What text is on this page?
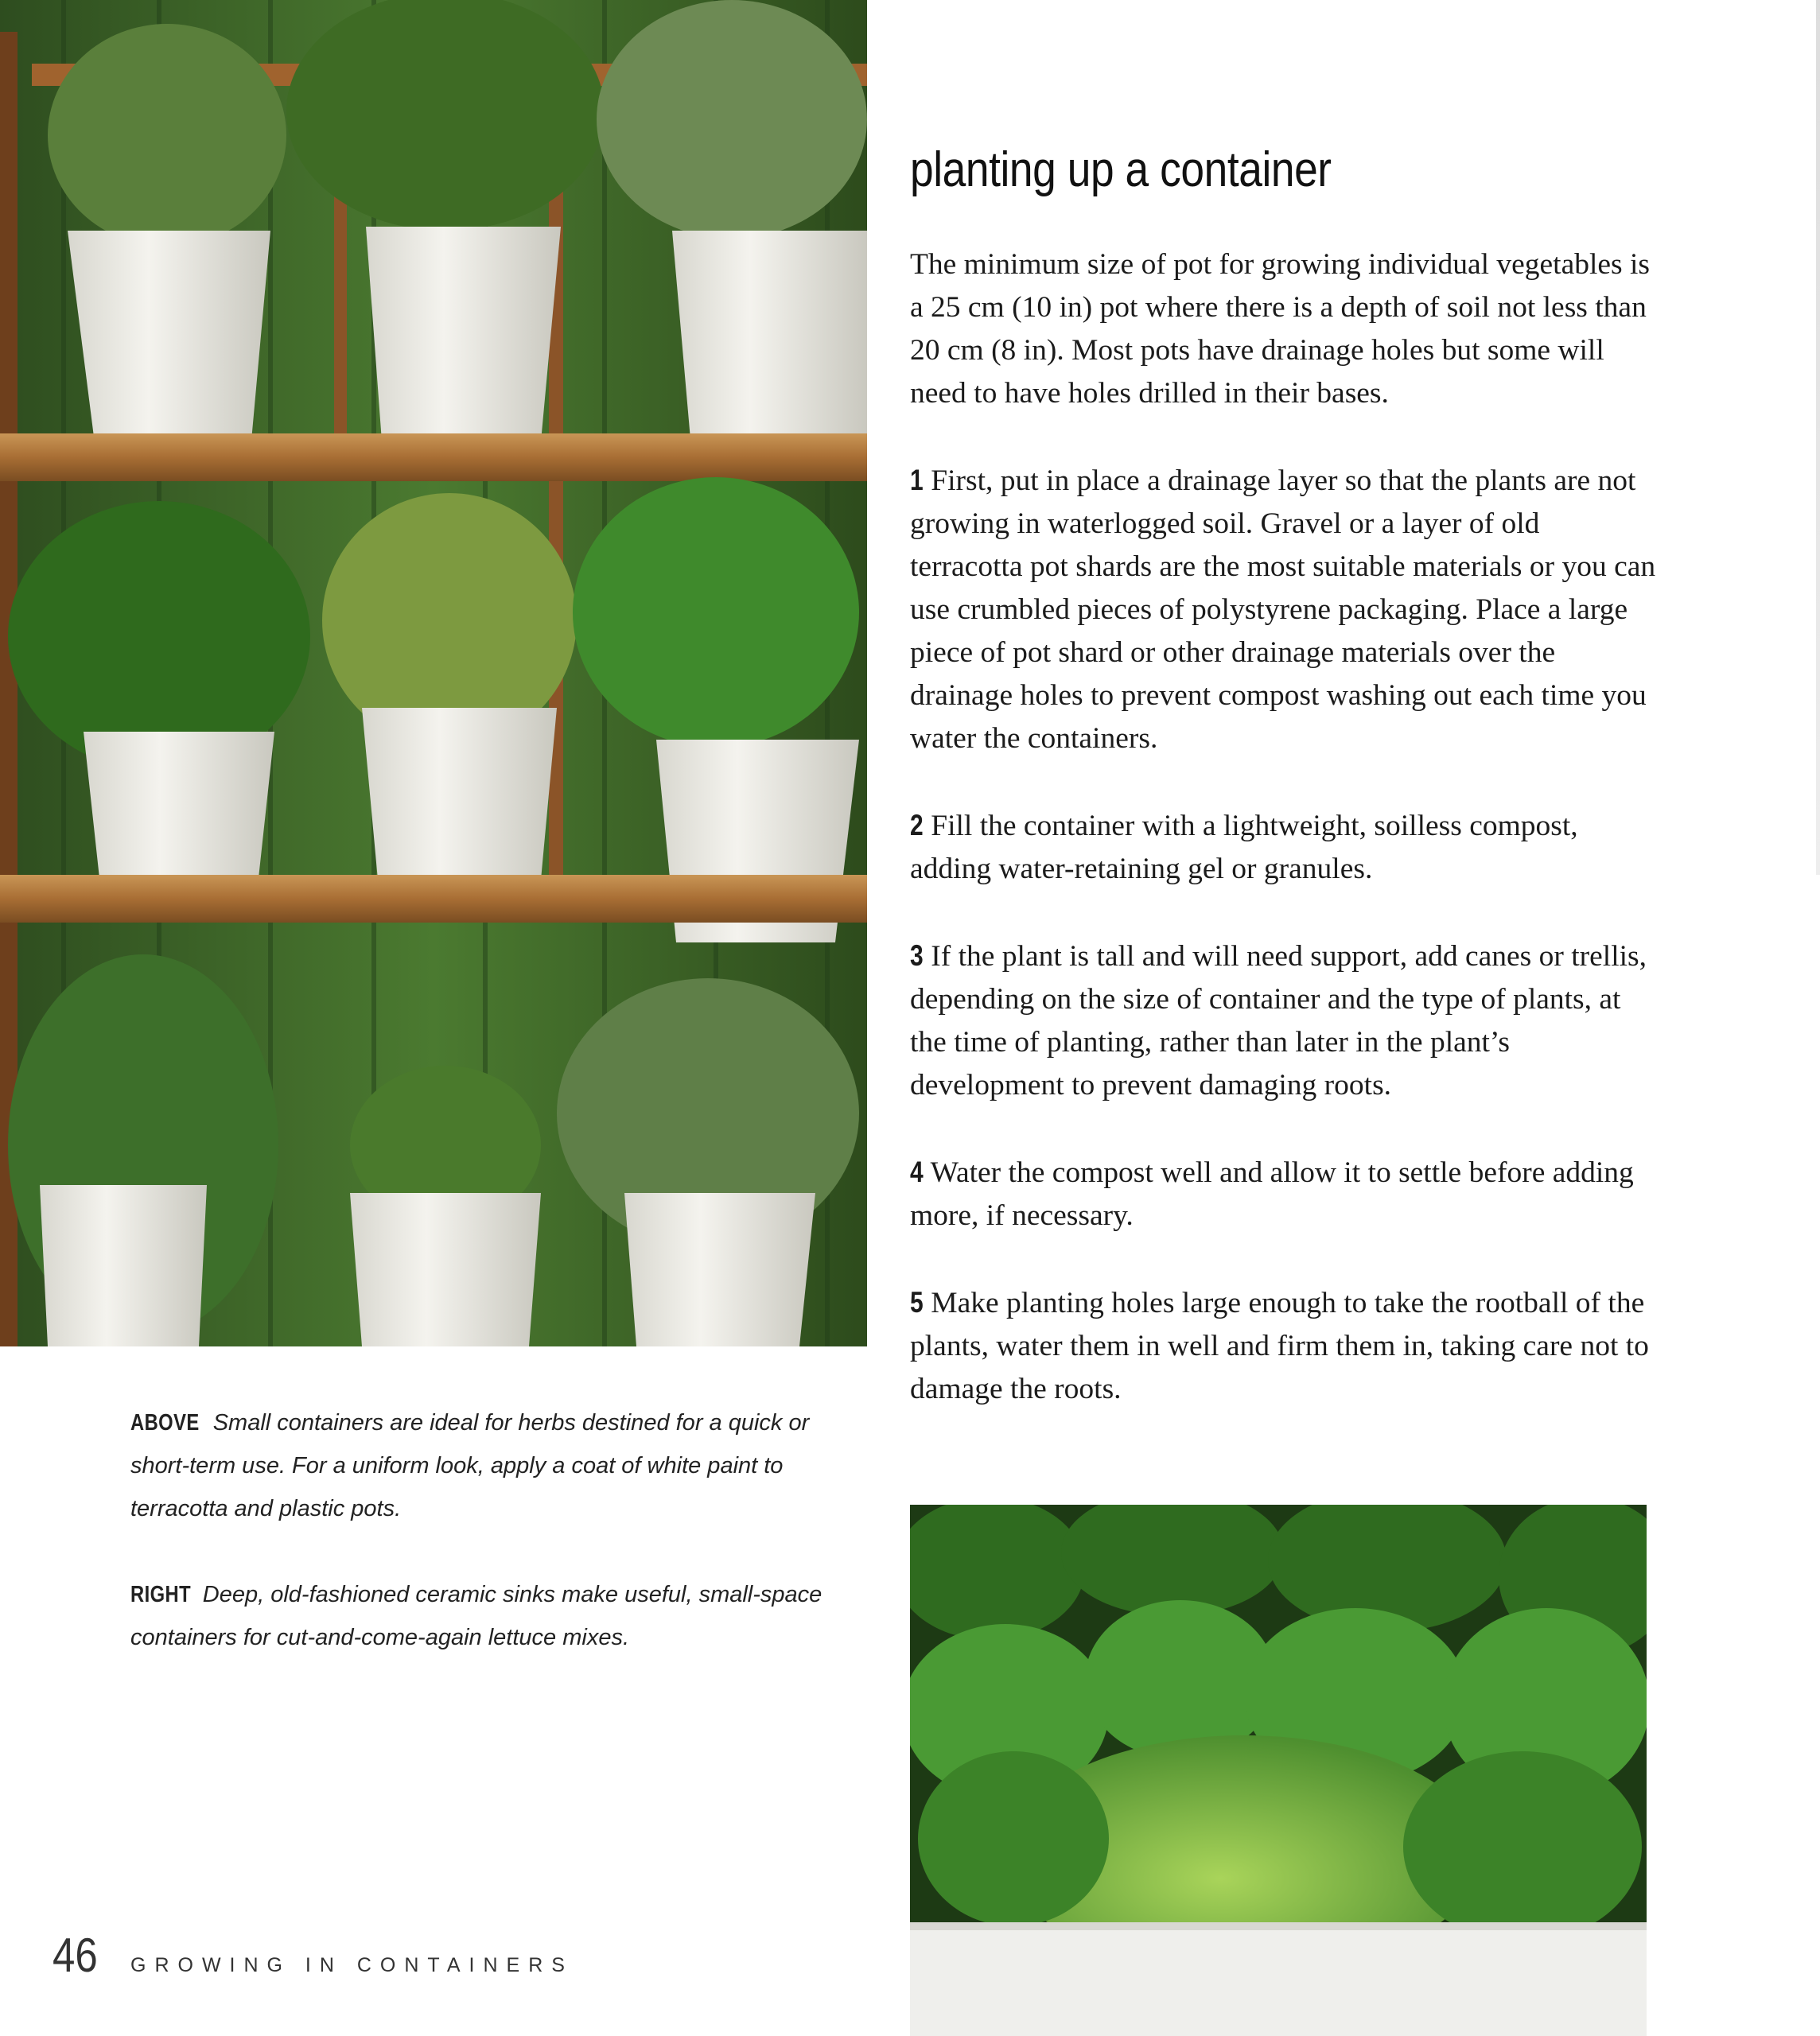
planting up a container

The minimum size of pot for growing individual vegetables is a 25 cm (10 in) pot where there is a depth of soil not less than 20 cm (8 in). Most pots have drainage holes but some will need to have holes drilled in their bases.

1 First, put in place a drainage layer so that the plants are not growing in waterlogged soil. Gravel or a layer of old terracotta pot shards are the most suitable materials or you can use crumbled pieces of polystyrene packaging. Place a large piece of pot shard or other drainage materials over the drainage holes to prevent compost washing out each time you water the containers.

2 Fill the container with a lightweight, soilless compost, adding water-retaining gel or granules.

3 If the plant is tall and will need support, add canes or trellis, depending on the size of container and the type of plants, at the time of planting, rather than later in the plant’s development to prevent damaging roots.

4 Water the compost well and allow it to settle before adding more, if necessary.

5 Make planting holes large enough to take the rootball of the plants, water them in well and firm them in, taking care not to damage the roots.

ABOVE Small containers are ideal for herbs destined for a quick or short-term use. For a uniform look, apply a coat of white paint to terracotta and plastic pots.

RIGHT Deep, old-fashioned ceramic sinks make useful, small-space containers for cut-and-come-again lettuce mixes.

46	GROWING IN CONTAINERS
